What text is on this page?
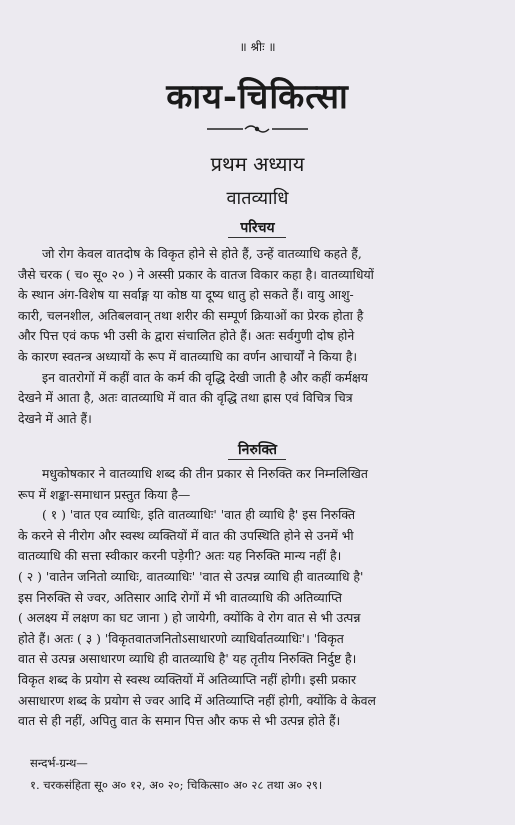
॥ श्रीः ॥
काय-चिकित्सा
प्रथम अध्याय
वातव्याधि
परिचय

जो रोग केवल वातदोष के विकृत होने से होते हैं, उन्हें वातव्याधि कहते हैं,

जैसे चरक ( च० सू० २० ) ने अस्सी प्रकार के वातज विकार कहा है। वातव्याधियों

के स्थान अंग-विशेष या सर्वाङ्ग या कोष्ठ या दूष्य धातु हो सकते हैं। वायु आशु-

कारी, चलनशील, अतिबलवान् तथा शरीर की सम्पूर्ण क्रियाओं का प्रेरक होता है

और पित्त एवं कफ भी उसी के द्वारा संचालित होते हैं। अतः सर्वगुणी दोष होने

के कारण स्वतन्त्र अध्यायों के रूप में वातव्याधि का वर्णन आचार्यों ने किया है।

इन वातरोगों में कहीं वात के कर्म की वृद्धि देखी जाती है और कहीं कर्मक्षय

देखने में आता है, अतः वातव्याधि में वात की वृद्धि तथा ह्रास एवं विचित्र चित्र

देखने में आते हैं।

निरुक्ति

मधुकोषकार ने वातव्याधि शब्द की तीन प्रकार से निरुक्ति कर निम्नलिखित

रूप में शङ्का-समाधान प्रस्तुत किया है—

( १ ) 'वात एव व्याधिः, इति वातव्याधिः' 'वात ही व्याधि है' इस निरुक्ति

के करने से नीरोग और स्वस्थ व्यक्तियों में वात की उपस्थिति होने से उनमें भी

वातव्याधि की सत्ता स्वीकार करनी पड़ेगी? अतः यह निरुक्ति मान्य नहीं है।

( २ ) 'वातेन जनितो व्याधिः, वातव्याधिः' 'वात से उत्पन्न व्याधि ही वातव्याधि है'

इस निरुक्ति से ज्वर, अतिसार आदि रोगों में भी वातव्याधि की अतिव्याप्ति

( अलक्ष्य में लक्षण का घट जाना ) हो जायेगी, क्योंकि वे रोग वात से भी उत्पन्न

होते हैं। अतः ( ३ ) 'विकृतवातजनितोऽसाधारणो व्याधिर्वातव्याधिः'। 'विकृत

वात से उत्पन्न असाधारण व्याधि ही वातव्याधि है' यह तृतीय निरुक्ति निर्दुष्ट है।

विकृत शब्द के प्रयोग से स्वस्थ व्यक्तियों में अतिव्याप्ति नहीं होगी। इसी प्रकार

असाधारण शब्द के प्रयोग से ज्वर आदि में अतिव्याप्ति नहीं होगी, क्योंकि वे केवल

वात से ही नहीं, अपितु वात के समान पित्त और कफ से भी उत्पन्न होते हैं।

सन्दर्भ-ग्रन्थ—

१. चरकसंहिता सू० अ० १२, अ० २०; चिकित्सा० अ० २८ तथा अ० २९।
